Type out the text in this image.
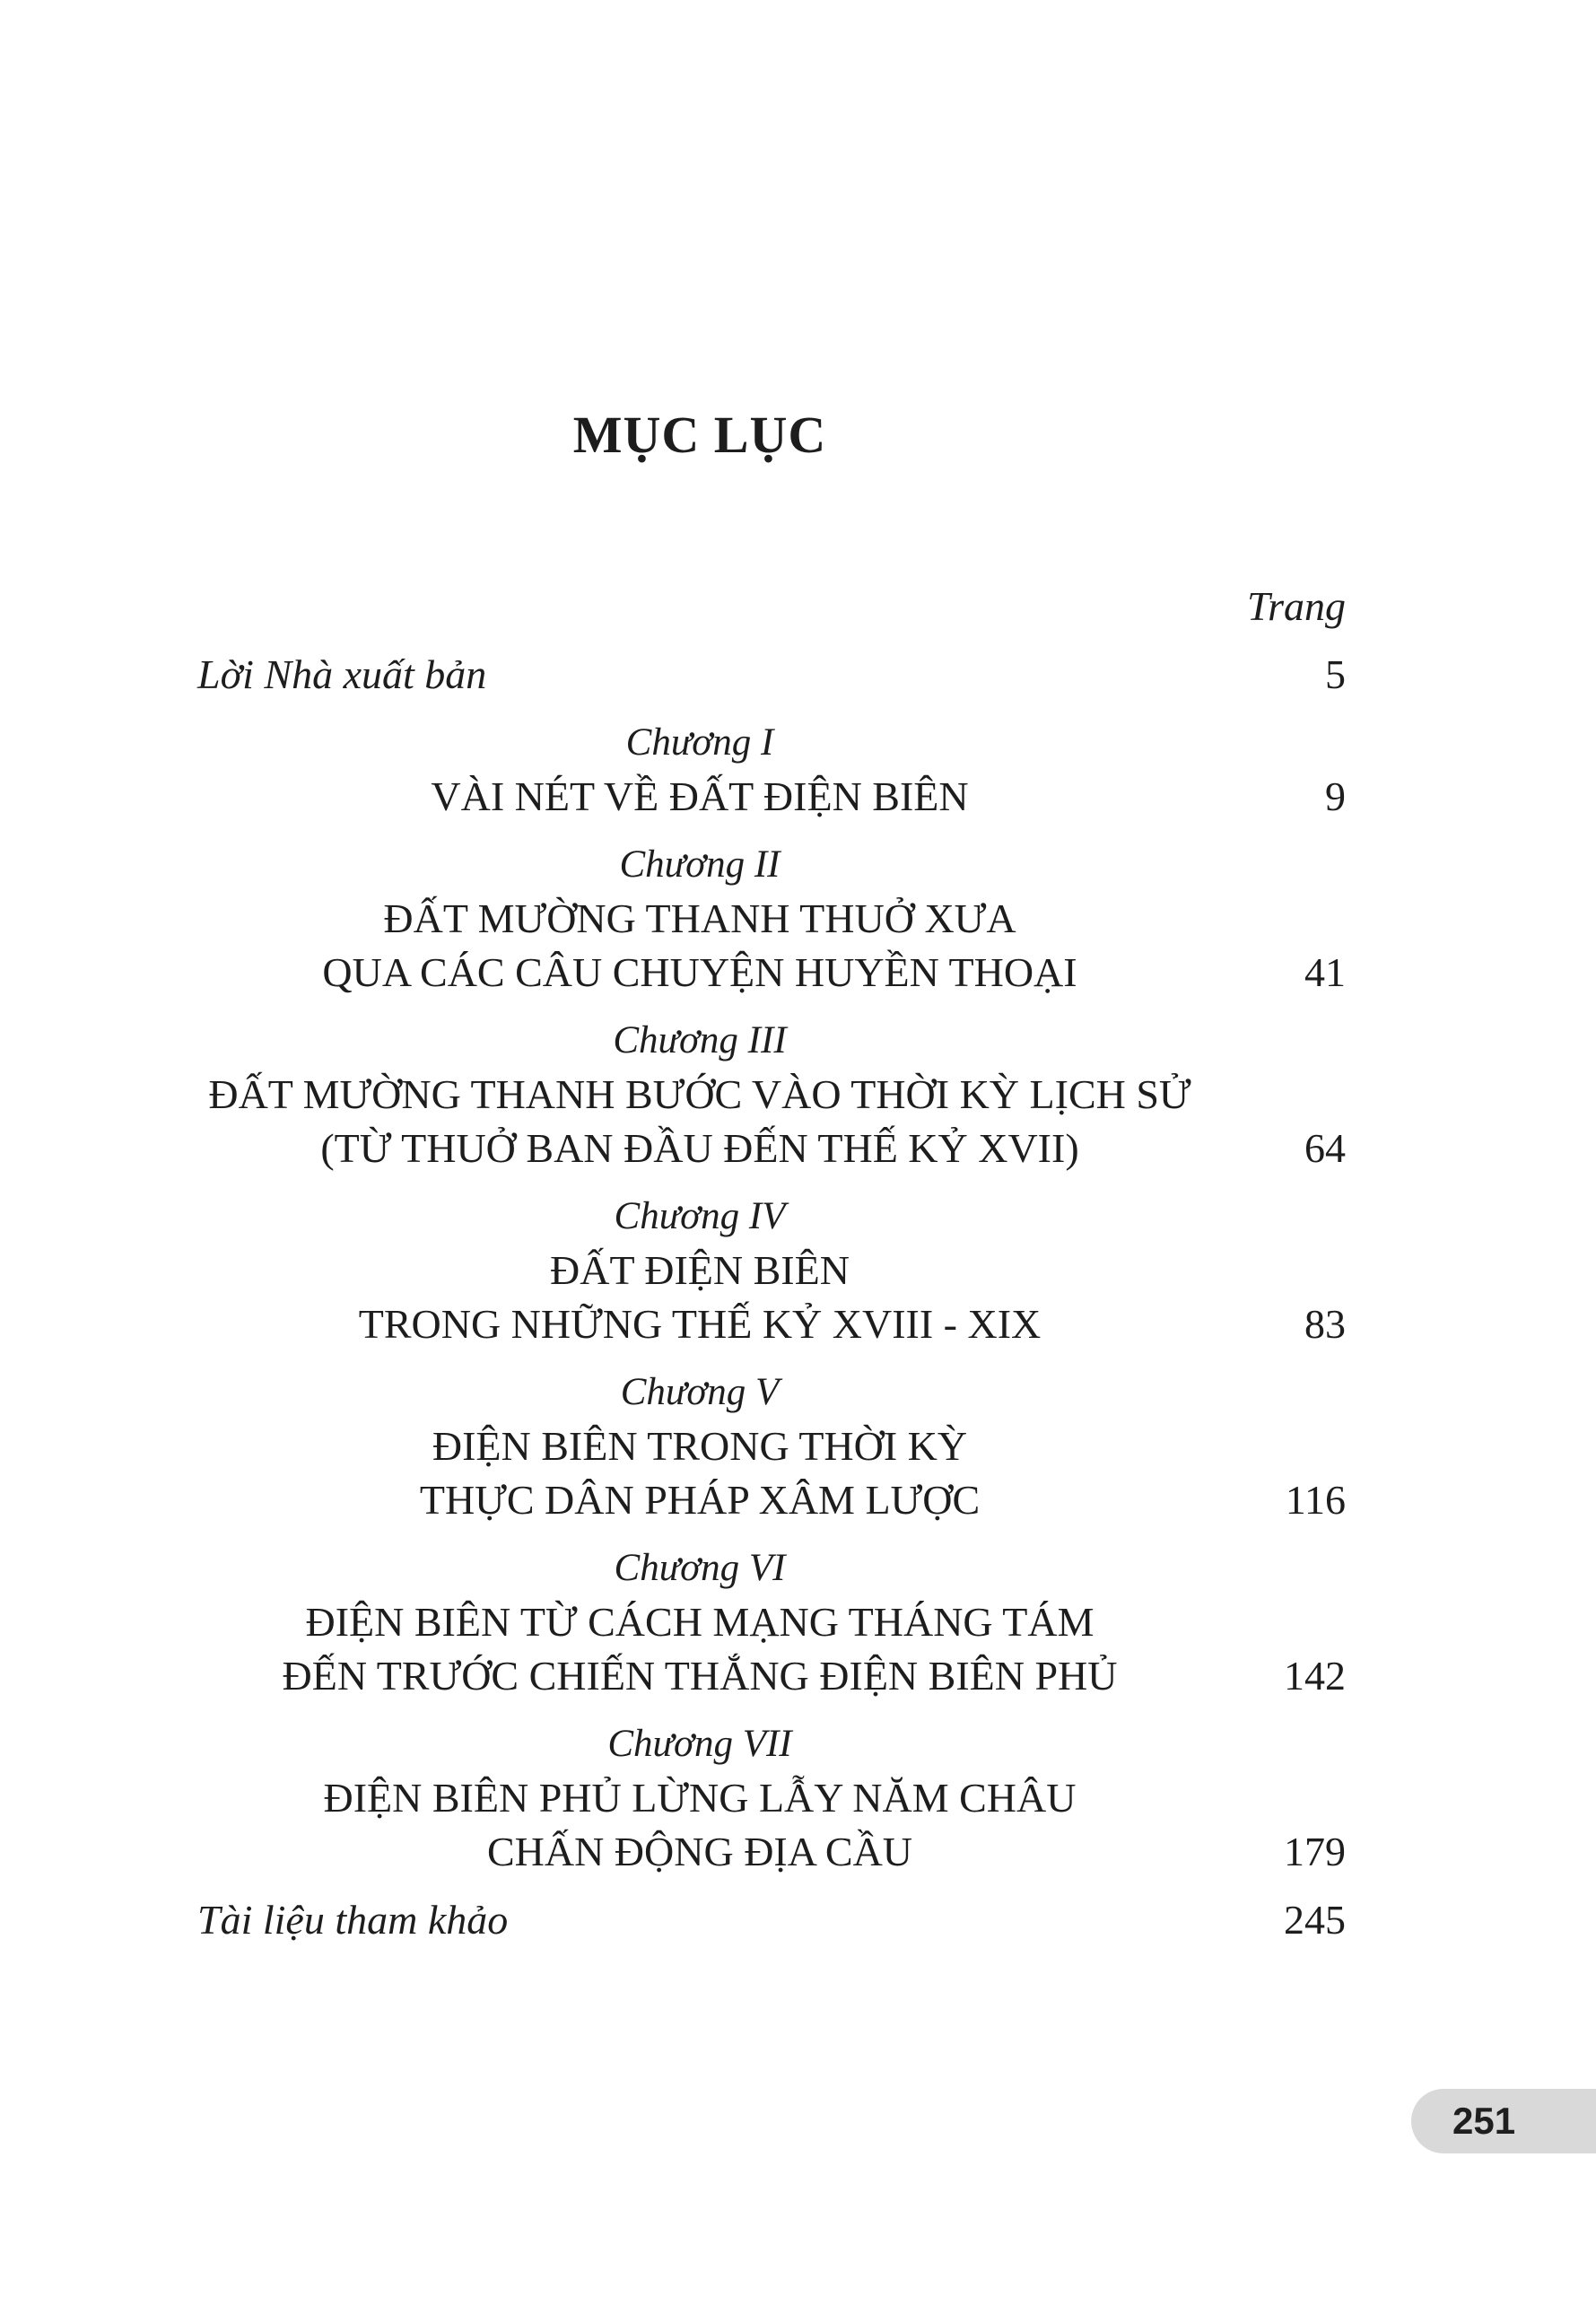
MỤC LỤC
Trang
Lời Nhà xuất bản	5
Chương I
VÀI NÉT VỀ ĐẤT ĐIỆN BIÊN	9
Chương II
ĐẤT MƯỜNG THANH THUỞ XƯA
QUA CÁC CÂU CHUYỆN HUYỀN THOẠI	41
Chương III
ĐẤT MƯỜNG THANH BƯỚC VÀO THỜI KỲ LỊCH SỬ
(TỪ THUỞ BAN ĐẦU ĐẾN THẾ KỶ XVII)	64
Chương IV
ĐẤT ĐIỆN BIÊN
TRONG NHỮNG THẾ KỶ XVIII - XIX	83
Chương V
ĐIỆN BIÊN TRONG THỜI KỲ
THỰC DÂN PHÁP XÂM LƯỢC	116
Chương VI
ĐIỆN BIÊN TỪ CÁCH MẠNG THÁNG TÁM
ĐẾN TRƯỚC CHIẾN THẮNG ĐIỆN BIÊN PHỦ	142
Chương VII
ĐIỆN BIÊN PHỦ LỪNG LẪY NĂM CHÂU
CHẤN ĐỘNG ĐỊA CẦU	179
Tài liệu tham khảo	245
251
